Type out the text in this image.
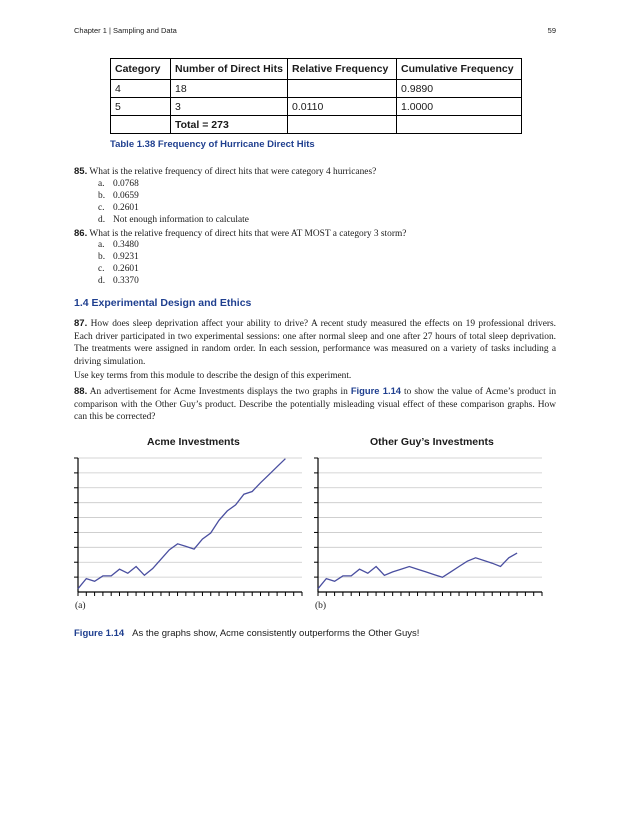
Chapter 1 | Sampling and Data	59
Category	Number of Direct Hits	Relative Frequency	Cumulative Frequency
4	18		0.9890
5	3	0.0110	1.0000
	Total = 273		
Table 1.38 Frequency of Hurricane Direct Hits
85. What is the relative frequency of direct hits that were category 4 hurricanes?
a. 0.0768
b. 0.0659
c. 0.2601
d. Not enough information to calculate
86. What is the relative frequency of direct hits that were AT MOST a category 3 storm?
a. 0.3480
b. 0.9231
c. 0.2601
d. 0.3370
1.4 Experimental Design and Ethics
87. How does sleep deprivation affect your ability to drive? A recent study measured the effects on 19 professional drivers. Each driver participated in two experimental sessions: one after normal sleep and one after 27 hours of total sleep deprivation. The treatments were assigned in random order. In each session, performance was measured on a variety of tasks including a driving simulation.
Use key terms from this module to describe the design of this experiment.
88. An advertisement for Acme Investments displays the two graphs in Figure 1.14 to show the value of Acme’s product in comparison with the Other Guy’s product. Describe the potentially misleading visual effect of these comparison graphs. How can this be corrected?
Acme Investments	Other Guy’s Investments
(a)	(b)
Figure 1.14 As the graphs show, Acme consistently outperforms the Other Guys!
